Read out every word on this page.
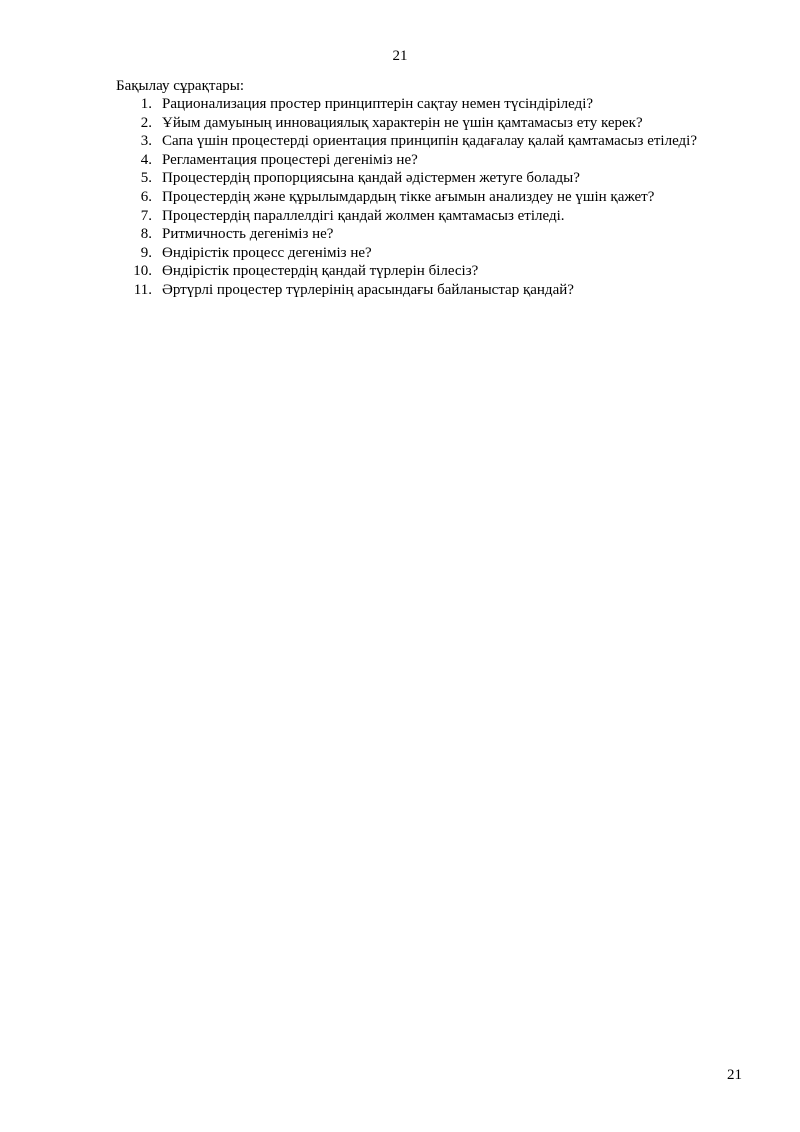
21
Бақылау сұрақтары:
1. Рационализация простер принциптерін сақтау немен түсіндіріледі?
2. Ұйым дамуының инновациялық характерін не үшін қамтамасыз ету керек?
3. Сапа үшін процестерді ориентация принципін қадағалау қалай қамтамасыз етіледі?
4. Регламентация процестері дегеніміз не?
5. Процестердің пропорциясына қандай әдістермен жетуге болады?
6. Процестердің және құрылымдардың тікке ағымын анализдеу не үшін қажет?
7. Процестердің параллелдігі қандай жолмен қамтамасыз етіледі.
8. Ритмичность дегеніміз не?
9. Өндірістік процесс дегеніміз не?
10. Өндірістік процестердің қандай түрлерін білесіз?
11. Әртүрлі процестер түрлерінің арасындағы байланыстар қандай?
21
